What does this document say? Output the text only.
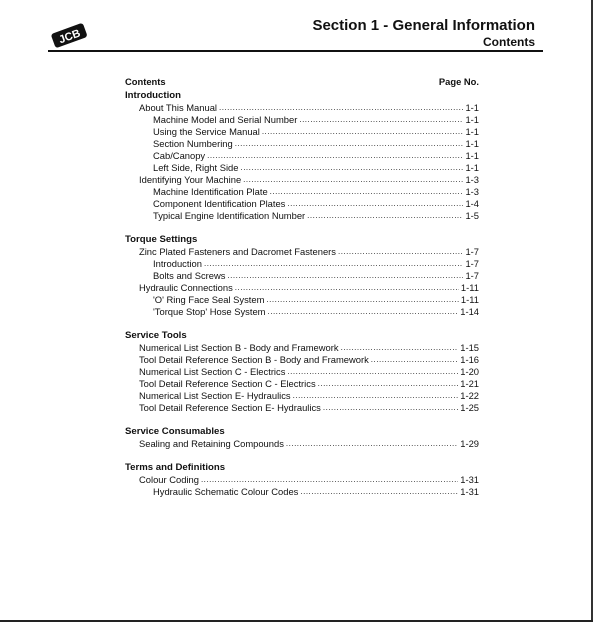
JCB
Section 1 - General Information
Contents
Contents	Page No.
Introduction
About This Manual .....	1-1
Machine Model and Serial Number .....	1-1
Using the Service Manual .....	1-1
Section Numbering .....	1-1
Cab/Canopy .....	1-1
Left Side, Right Side .....	1-1
Identifying Your Machine .....	1-3
Machine Identification Plate .....	1-3
Component Identification Plates .....	1-4
Typical Engine Identification Number .....	1-5
Torque Settings
Zinc Plated Fasteners and Dacromet Fasteners .....	1-7
Introduction .....	1-7
Bolts and Screws .....	1-7
Hydraulic Connections .....	1-11
'O' Ring Face Seal System .....	1-11
'Torque Stop' Hose System .....	1-14
Service Tools
Numerical List Section B - Body and Framework .....	1-15
Tool Detail Reference Section B - Body and Framework .....	1-16
Numerical List Section C - Electrics .....	1-20
Tool Detail Reference Section C - Electrics .....	1-21
Numerical List Section E- Hydraulics .....	1-22
Tool Detail Reference Section E- Hydraulics .....	1-25
Service Consumables
Sealing and Retaining Compounds .....	1-29
Terms and Definitions
Colour Coding .....	1-31
Hydraulic Schematic Colour Codes .....	1-31
